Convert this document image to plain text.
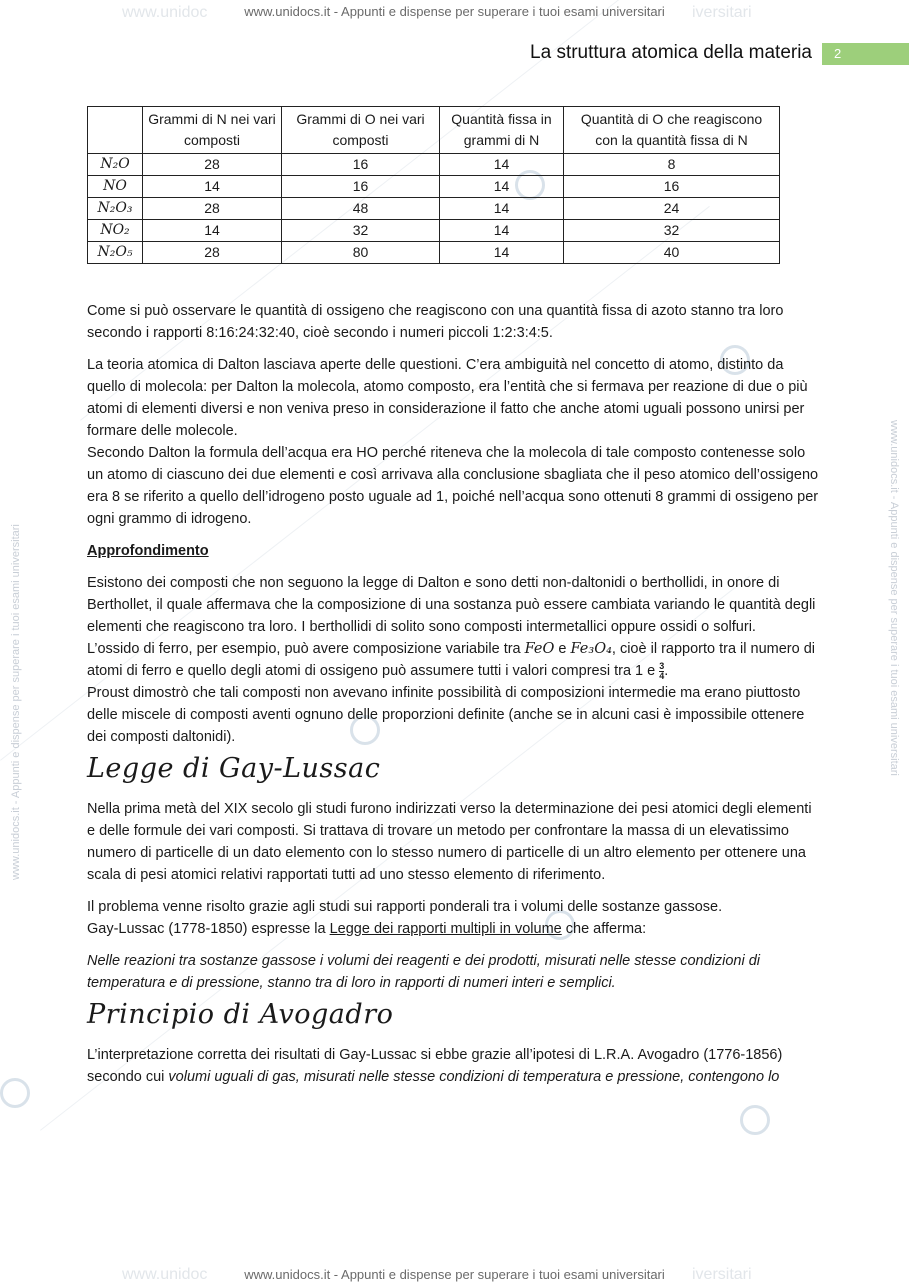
www.unidocs.it - Appunti e dispense per superare i tuoi esami universitari	www.unidocs.it - Appunti e dispense per superare i tuoi esami universitari
www.unidoc	iversitari
www.unidocs.it - Appunti e dispense per superare i tuoi esami universitari
www.unidoc	iversitari
www.unidocs.it - Appunti e dispense per superare i tuoi esami universitari
La struttura atomica della materia	2
	Grammi di N nei vari composti	Grammi di O nei vari composti	Quantità fissa in grammi di N	Quantità di O che reagiscono con la quantità fissa di N
N₂O	28	16	14	8
NO	14	16	14	16
N₂O₃	28	48	14	24
NO₂	14	32	14	32
N₂O₅	28	80	14	40

Come si può osservare le quantità di ossigeno che reagiscono con una quantità fissa di azoto stanno tra loro secondo i rapporti 8:16:24:32:40, cioè secondo i numeri piccoli 1:2:3:4:5.

La teoria atomica di Dalton lasciava aperte delle questioni. C’era ambiguità nel concetto di atomo, distinto da quello di molecola: per Dalton la molecola, atomo composto, era l’entità che si fermava per reazione di due o più atomi di elementi diversi e non veniva preso in considerazione il fatto che anche atomi uguali possono unirsi per formare delle molecole.

Secondo Dalton la formula dell’acqua era HO perché riteneva che la molecola di tale composto contenesse solo un atomo di ciascuno dei due elementi e così arrivava alla conclusione sbagliata che il peso atomico dell’ossigeno era 8 se riferito a quello dell’idrogeno posto uguale ad 1, poiché nell’acqua sono ottenuti 8 grammi di ossigeno per ogni grammo di idrogeno.

Approfondimento

Esistono dei composti che non seguono la legge di Dalton e sono detti non-daltonidi o berthollidi, in onore di Berthollet, il quale affermava che la composizione di una sostanza può essere cambiata variando le quantità degli elementi che reagiscono tra loro. I berthollidi di solito sono composti intermetallici oppure ossidi o solfuri.

L’ossido di ferro, per esempio, può avere composizione variabile tra FeO e Fe₃O₄, cioè il rapporto tra il numero di atomi di ferro e quello degli atomi di ossigeno può assumere tutti i valori compresi tra 1 e $\frac{3}{4}$ .

Proust dimostrò che tali composti non avevano infinite possibilità di composizioni intermedie ma erano piuttosto delle miscele di composti aventi ognuno delle proporzioni definite (anche se in alcuni casi è impossibile ottenere dei composti daltonidi).

Legge di Gay-Lussac

Nella prima metà del XIX secolo gli studi furono indirizzati verso la determinazione dei pesi atomici degli elementi e delle formule dei vari composti. Si trattava di trovare un metodo per confrontare la massa di un elevatissimo numero di particelle di un dato elemento con lo stesso numero di particelle di un altro elemento per ottenere una scala di pesi atomici relativi rapportati tutti ad uno stesso elemento di riferimento.

Il problema venne risolto grazie agli studi sui rapporti ponderali tra i volumi delle sostanze gassose.

Gay-Lussac (1778-1850) espresse la Legge dei rapporti multipli in volume che afferma:

Nelle reazioni tra sostanze gassose i volumi dei reagenti e dei prodotti, misurati nelle stesse condizioni di temperatura e di pressione, stanno tra di loro in rapporti di numeri interi e semplici.

Principio di Avogadro

L’interpretazione corretta dei risultati di Gay-Lussac si ebbe grazie all’ipotesi di L.R.A. Avogadro (1776-1856) secondo cui volumi uguali di gas, misurati nelle stesse condizioni di temperatura e pressione, contengono lo
